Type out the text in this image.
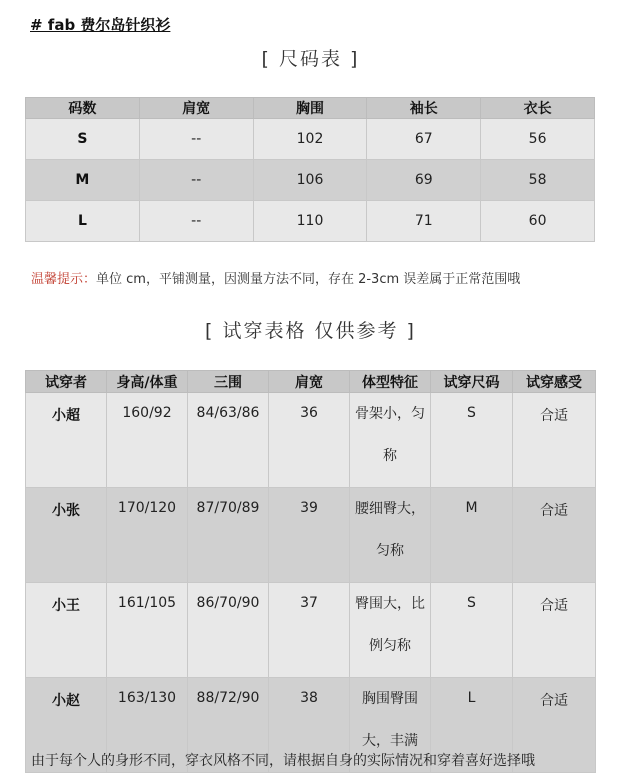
# fab 费尔岛针织衫
[ 尺码表 ]
码数	肩宽	胸围	袖长	衣长
S	--	102	67	56
M	--	106	69	58
L	--	110	71	60
温馨提示：单位 cm，平铺测量，因测量方法不同，存在 2-3cm 误差属于正常范围哦
[ 试穿表格 仅供参考 ]
试穿者	身高/体重	三围	肩宽	体型特征	试穿尺码	试穿感受
小超	160/92	84/63/86	36	骨架小，匀称	S	合适
小张	170/120	87/70/89	39	腰细臀大，匀称	M	合适
小王	161/105	86/70/90	37	臀围大，比例匀称	S	合适
小赵	163/130	88/72/90	38	胸围臀围大，丰满	L	合适
由于每个人的身形不同，穿衣风格不同，请根据自身的实际情况和穿着喜好选择哦
